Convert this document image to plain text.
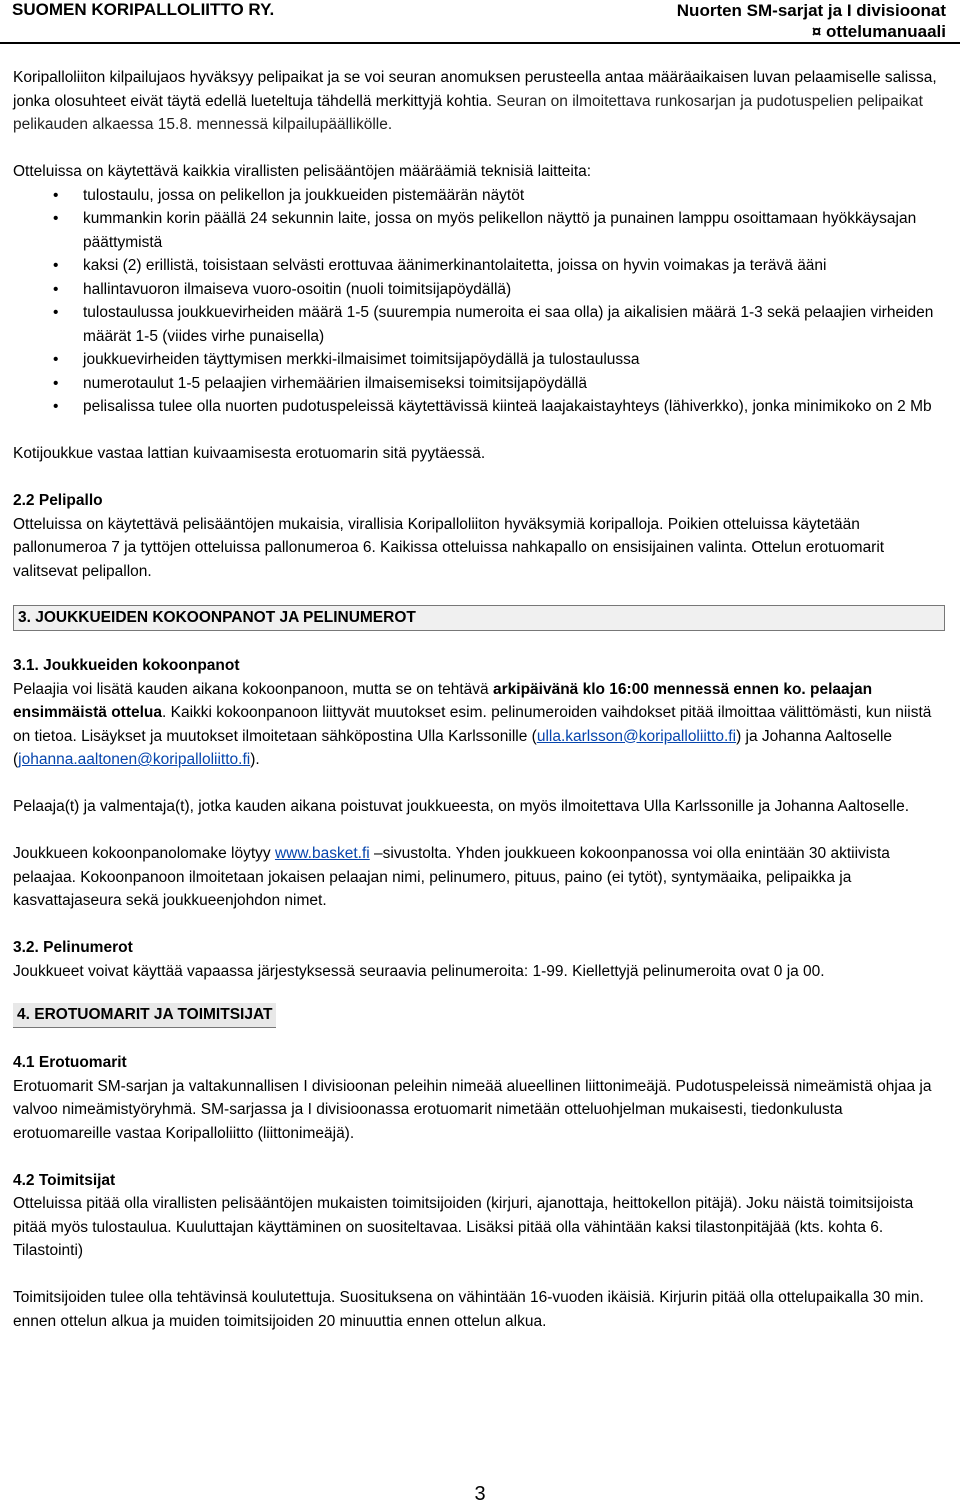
SUOMEN KORIPALLOLIITTO RY.	Nuorten SM-sarjat ja I divisioonat
¤ ottelumanuaali

Koripalloliiton kilpailujaos hyväksyy pelipaikat ja se voi seuran anomuksen perusteella antaa määräaikaisen luvan pelaamiselle salissa, jonka olosuhteet eivät täytä edellä lueteltuja tähdellä merkittyjä kohtia. Seuran on ilmoitettava runkosarjan ja pudotuspelien pelipaikat pelikauden alkaessa 15.8. mennessä kilpailupäällikölle.

Otteluissa on käytettävä kaikkia virallisten pelisääntöjen määräämiä teknisiä laitteita:

• tulostaulu, jossa on pelikellon ja joukkueiden pistemäärän näytöt
• kummankin korin päällä 24 sekunnin laite, jossa on myös pelikellon näyttö ja punainen lamppu osoittamaan hyökkäysajan päättymistä
• kaksi (2) erillistä, toisistaan selvästi erottuvaa äänimerkinantolaitetta, joissa on hyvin voimakas ja terävä ääni
• hallintavuoron ilmaiseva vuoro-osoitin (nuoli toimitsijapöydällä)
• tulostaulussa joukkuevirheiden määrä 1-5 (suurempia numeroita ei saa olla) ja aikalisien määrä 1-3 sekä pelaajien virheiden määrät 1-5 (viides virhe punaisella)
• joukkuevirheiden täyttymisen merkki-ilmaisimet toimitsijapöydällä ja tulostaulussa
• numerotaulut 1-5 pelaajien virhemäärien ilmaisemiseksi toimitsijapöydällä
• pelisalissa tulee olla nuorten pudotuspeleissä käytettävissä kiinteä laajakaistayhteys (lähiverkko), jonka minimikoko on 2 Mb

Kotijoukkue vastaa lattian kuivaamisesta erotuomarin sitä pyytäessä.

2.2 Pelipallo

Otteluissa on käytettävä pelisääntöjen mukaisia, virallisia Koripalloliiton hyväksymiä koripalloja. Poikien otteluissa käytetään pallonumeroa 7 ja tyttöjen otteluissa pallonumeroa 6. Kaikissa otteluissa nahkapallo on ensisijainen valinta. Ottelun erotuomarit valitsevat pelipallon.

3. JOUKKUEIDEN KOKOONPANOT JA PELINUMEROT

3.1. Joukkueiden kokoonpanot

Pelaajia voi lisätä kauden aikana kokoonpanoon, mutta se on tehtävä arkipäivänä klo 16:00 mennessä ennen ko. pelaajan ensimmäistä ottelua. Kaikki kokoonpanoon liittyvät muutokset esim. pelinumeroiden vaihdokset pitää ilmoittaa välittömästi, kun niistä on tietoa. Lisäykset ja muutokset ilmoitetaan sähköpostina Ulla Karlssonille (ulla.karlsson@koripalloliitto.fi) ja Johanna Aaltoselle (johanna.aaltonen@koripalloliitto.fi).

Pelaaja(t) ja valmentaja(t), jotka kauden aikana poistuvat joukkueesta, on myös ilmoitettava Ulla Karlssonille ja Johanna Aaltoselle.

Joukkueen kokoonpanolomake löytyy www.basket.fi –sivustolta. Yhden joukkueen kokoonpanossa voi olla enintään 30 aktiivista pelaajaa. Kokoonpanoon ilmoitetaan jokaisen pelaajan nimi, pelinumero, pituus, paino (ei tytöt), syntymäaika, pelipaikka ja kasvattajaseura sekä joukkueenjohdon nimet.

3.2. Pelinumerot

Joukkueet voivat käyttää vapaassa järjestyksessä seuraavia pelinumeroita: 1-99. Kiellettyjä pelinumeroita ovat 0 ja 00.

4. EROTUOMARIT JA TOIMITSIJAT

4.1 Erotuomarit

Erotuomarit SM-sarjan ja valtakunnallisen I divisioonan peleihin nimeää alueellinen liittonimeäjä. Pudotuspeleissä nimeämistä ohjaa ja valvoo nimeämistyöryhmä. SM-sarjassa ja I divisioonassa erotuomarit nimetään otteluohjelman mukaisesti, tiedonkulusta erotuomareille vastaa Koripalloliitto (liittonimeäjä).

4.2 Toimitsijat

Otteluissa pitää olla virallisten pelisääntöjen mukaisten toimitsijoiden (kirjuri, ajanottaja, heittokellon pitäjä). Joku näistä toimitsijoista pitää myös tulostaulua. Kuuluttajan käyttäminen on suositeltavaa. Lisäksi pitää olla vähintään kaksi tilastonpitäjää (kts. kohta 6. Tilastointi)

Toimitsijoiden tulee olla tehtävinsä koulutettuja. Suosituksena on vähintään 16-vuoden ikäisiä. Kirjurin pitää olla ottelupaikalla 30 min. ennen ottelun alkua ja muiden toimitsijoiden 20 minuuttia ennen ottelun alkua.

3
